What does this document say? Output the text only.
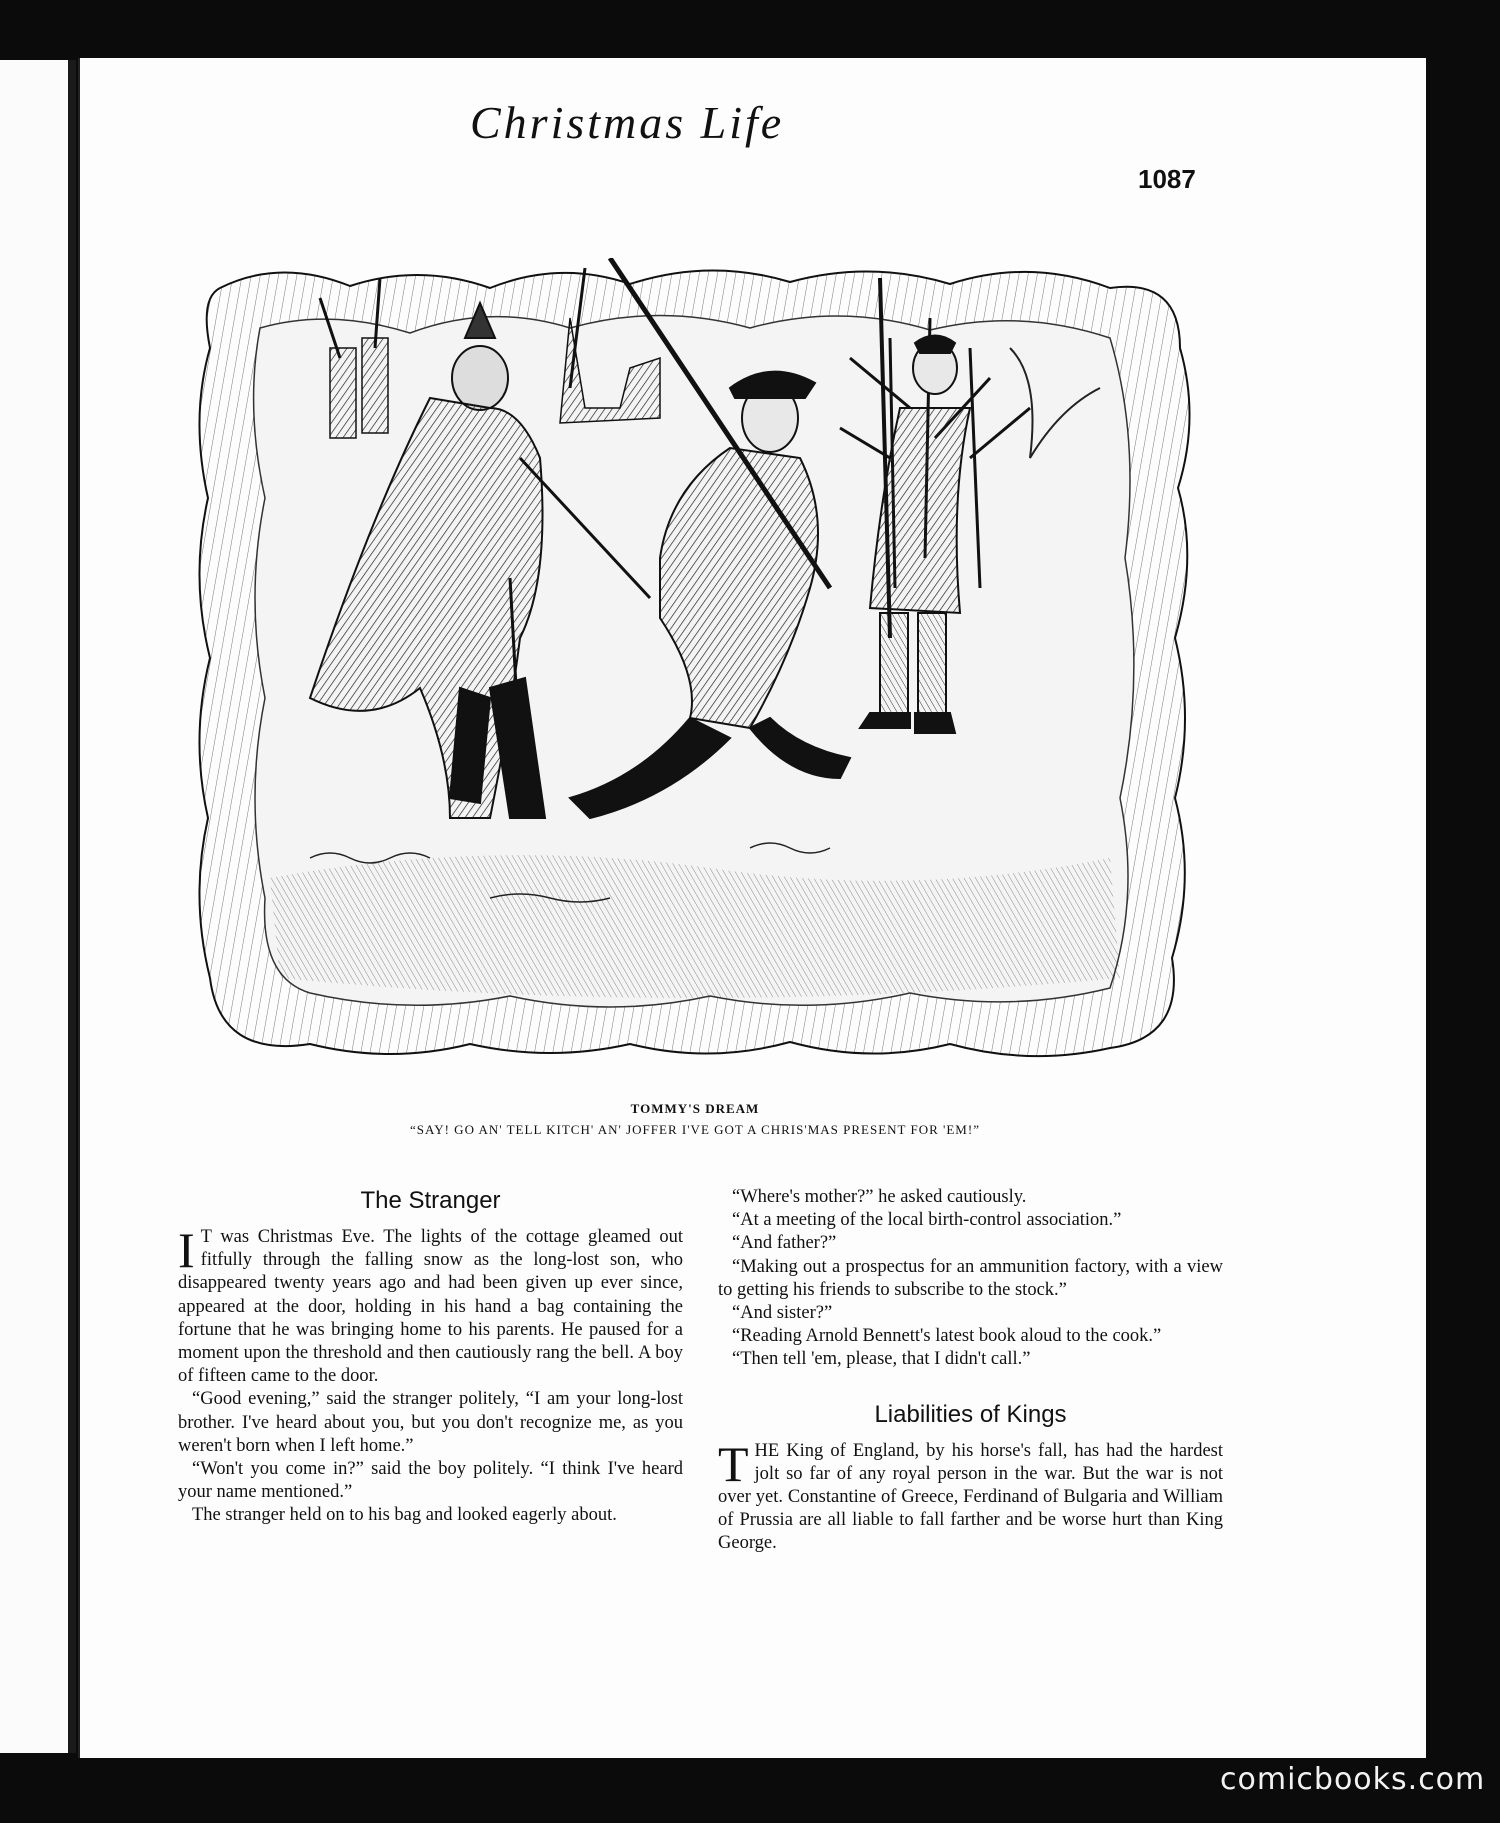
Christmas Life
1087
TOMMY'S DREAM
“SAY! GO AN' TELL KITCH' AN' JOFFER I'VE GOT A CHRIS'MAS PRESENT FOR 'EM!”
The Stranger

I T was Christmas Eve. The lights of the cottage gleamed out fitfully through the falling snow as the long-lost son, who disappeared twenty years ago and had been given up ever since, appeared at the door, holding in his hand a bag containing the fortune that he was bringing home to his parents. He paused for a moment upon the threshold and then cautiously rang the bell. A boy of fifteen came to the door.

“Good evening,” said the stranger politely, “I am your long-lost brother. I've heard about you, but you don't recognize me, as you weren't born when I left home.”

“Won't you come in?” said the boy politely. “I think I've heard your name mentioned.”

The stranger held on to his bag and looked eagerly about.

“Where's mother?” he asked cautiously.

“At a meeting of the local birth-control association.”

“And father?”

“Making out a prospectus for an ammunition factory, with a view to getting his friends to subscribe to the stock.”

“And sister?”

“Reading Arnold Bennett's latest book aloud to the cook.”

“Then tell 'em, please, that I didn't call.”

Liabilities of Kings

THE King of England, by his horse's fall, has had the hardest jolt so far of any royal person in the war. But the war is not over yet. Constantine of Greece, Ferdinand of Bulgaria and William of Prussia are all liable to fall farther and be worse hurt than King George.

comicbooks.com
